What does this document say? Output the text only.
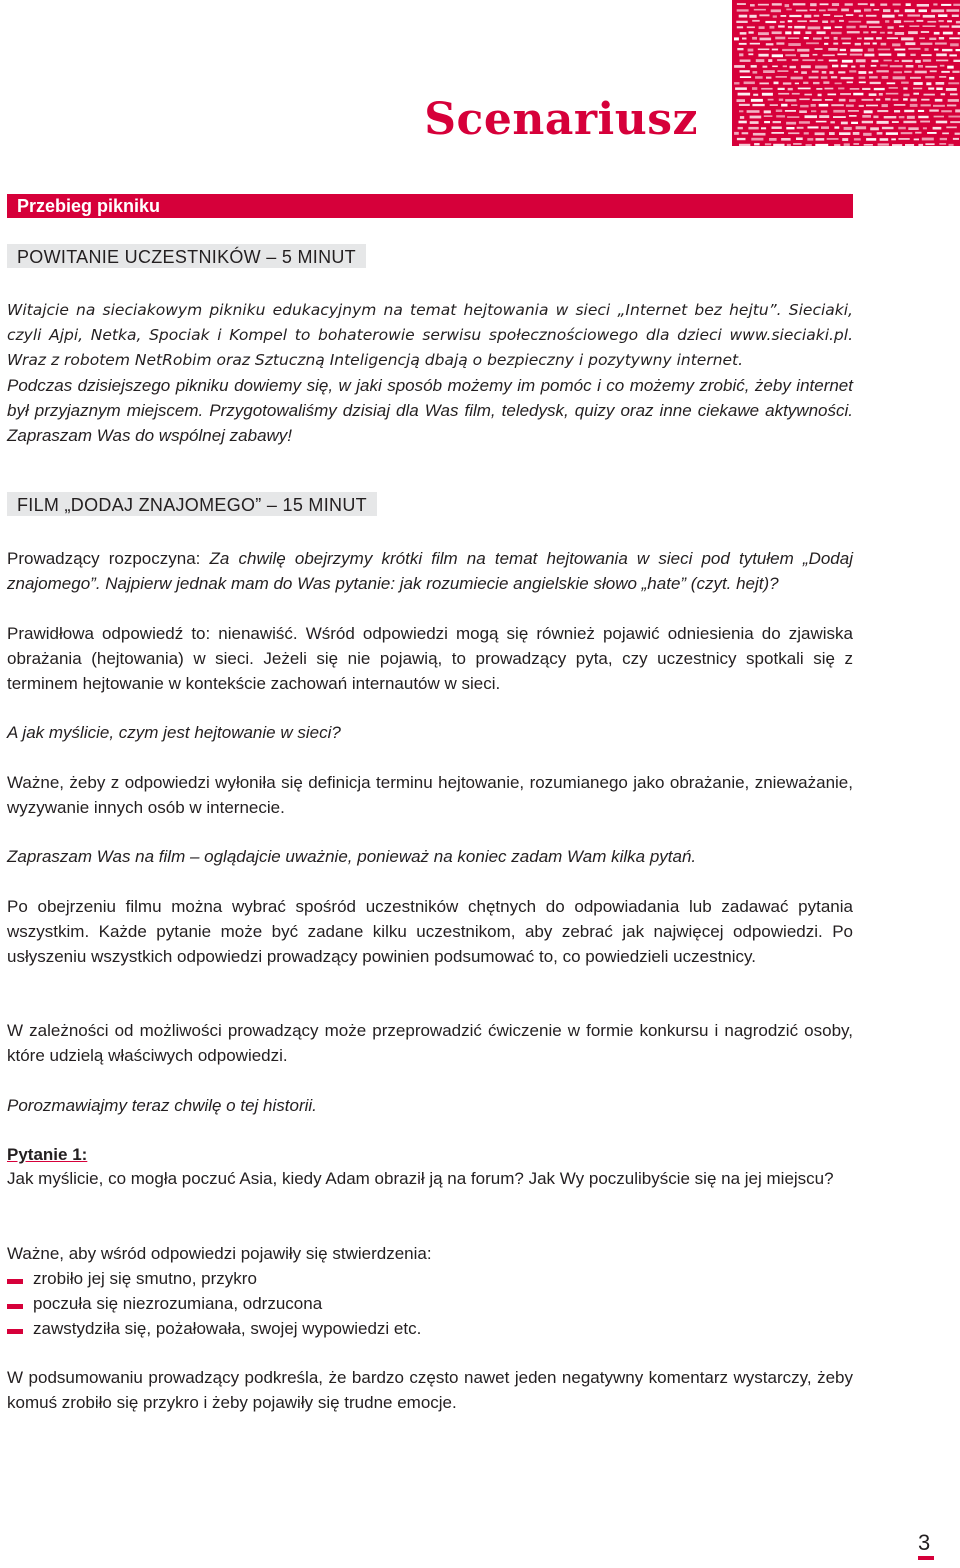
Scenariusz
Przebieg pikniku
POWITANIE UCZESTNIKÓW – 5 MINUT

Witajcie na sieciakowym pikniku edukacyjnym na temat hejtowania w sieci „Internet bez hejtu”. Sieciaki, czyli Ajpi, Netka, Spociak i Kompel to bohaterowie serwisu społecznościowego dla dzieci www.sieciaki.pl. Wraz z robotem NetRobim oraz Sztuczną Inteligencją dbają o bezpieczny i pozytywny internet.

Podczas dzisiejszego pikniku dowiemy się, w jaki sposób możemy im pomóc i co możemy zrobić, żeby internet był przyjaznym miejscem. Przygotowaliśmy dzisiaj dla Was film, teledysk, quizy oraz inne ciekawe aktywności. Zapraszam Was do wspólnej zabawy!

FILM „DODAJ ZNAJOMEGO” – 15 MINUT

Prowadzący rozpoczyna: Za chwilę obejrzymy krótki film na temat hejtowania w sieci pod tytułem „Dodaj znajomego”. Najpierw jednak mam do Was pytanie: jak rozumiecie angielskie słowo „hate” (czyt. hejt)?

Prawidłowa odpowiedź to: nienawiść. Wśród odpowiedzi mogą się również pojawić odniesienia do zjawiska obrażania (hejtowania) w sieci. Jeżeli się nie pojawią, to prowadzący pyta, czy uczestnicy spotkali się z terminem hejtowanie w kontekście zachowań internautów w sieci.

A jak myślicie, czym jest hejtowanie w sieci?

Ważne, żeby z odpowiedzi wyłoniła się definicja terminu hejtowanie, rozumianego jako obrażanie, znieważanie, wyzywanie innych osób w internecie.

Zapraszam Was na film – oglądajcie uważnie, ponieważ na koniec zadam Wam kilka pytań.

Po obejrzeniu filmu można wybrać spośród uczestników chętnych do odpowiadania lub zadawać pytania wszystkim. Każde pytanie może być zadane kilku uczestnikom, aby zebrać jak najwięcej odpowiedzi. Po usłyszeniu wszystkich odpowiedzi prowadzący powinien podsumować to, co powiedzieli uczestnicy.

W zależności od możliwości prowadzący może przeprowadzić ćwiczenie w formie konkursu i nagrodzić osoby, które udzielą właściwych odpowiedzi.

Porozmawiajmy teraz chwilę o tej historii.

Pytanie 1:

Jak myślicie, co mogła poczuć Asia, kiedy Adam obraził ją na forum? Jak Wy poczulibyście się na jej miejscu?

Ważne, aby wśród odpowiedzi pojawiły się stwierdzenia:

zrobiło jej się smutno, przykro
poczuła się niezrozumiana, odrzucona
zawstydziła się, pożałowała, swojej wypowiedzi etc.

W podsumowaniu prowadzący podkreśla, że bardzo często nawet jeden negatywny komentarz wystarczy, żeby komuś zrobiło się przykro i żeby pojawiły się trudne emocje.

3
